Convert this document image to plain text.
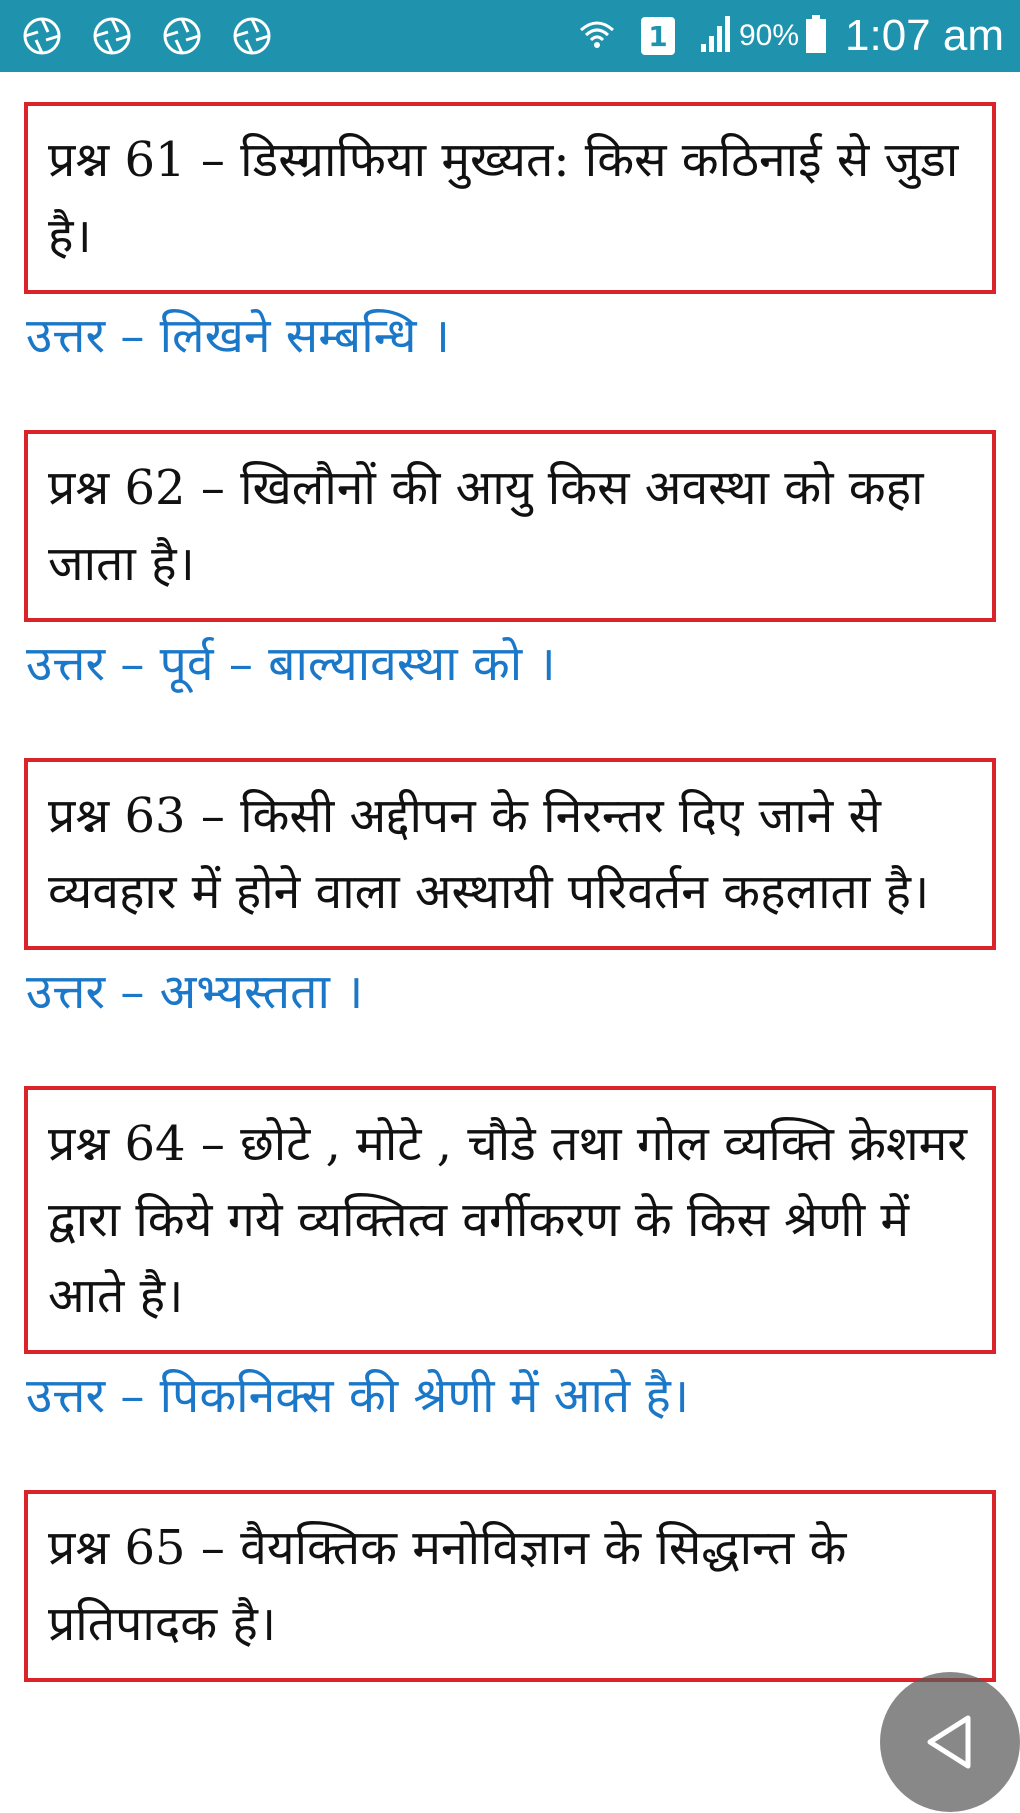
1 90% 1:07 am
प्रश्न 61 – डिस्ग्राफिया मुख्यत: किस कठिनाई से जुडा है।
उत्तर – लिखने सम्बन्धि ।
प्रश्न 62 – खिलौनों की आयु किस अवस्था को कहा जाता है।
उत्तर – पूर्व – बाल्यावस्था को ।
प्रश्न 63 – किसी अद्दीपन के निरन्तर दिए जाने से व्यवहार में होने वाला अस्थायी परिवर्तन कहलाता है।
उत्तर – अभ्यस्तता ।
प्रश्न 64 – छोटे , मोटे , चौडे तथा गोल व्यक्ति क्रेशमर द्वारा किये गये व्यक्तित्व वर्गीकरण के किस श्रेणी में आते है।
उत्तर – पिकनिक्स की श्रेणी में आते है।
प्रश्न 65 – वैयक्तिक मनोविज्ञान के सिद्धान्त के प्रतिपादक है।
